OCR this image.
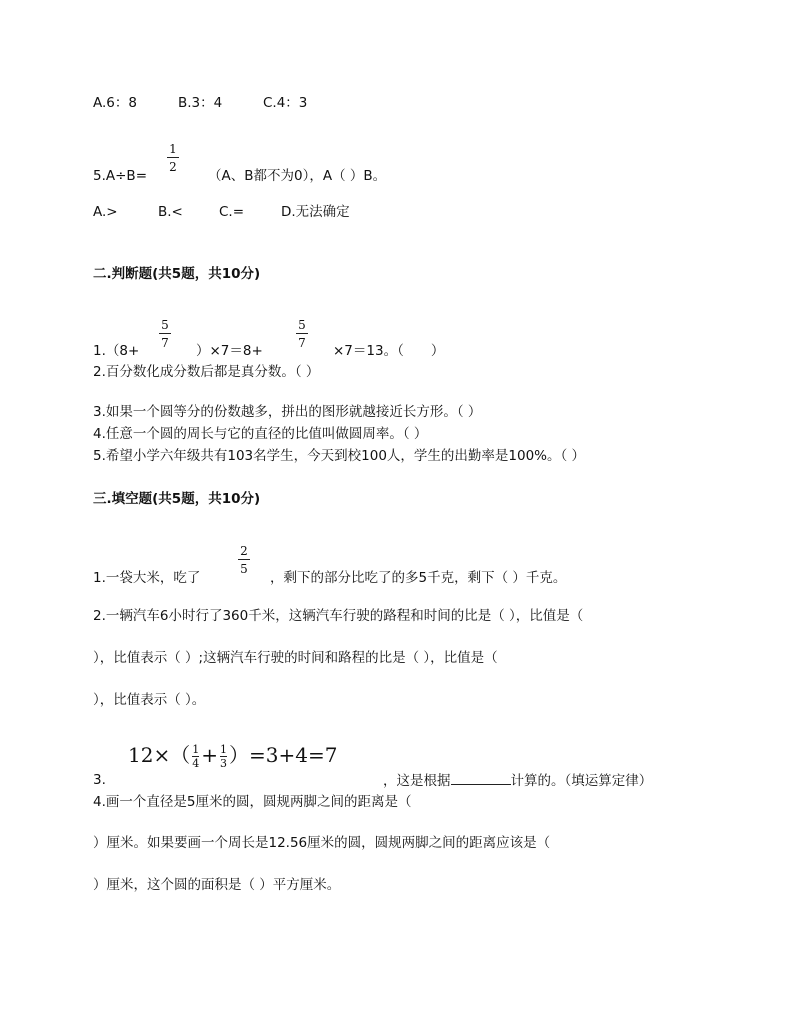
A.6：8	B.3：4	C.4：3
5.A÷B=
1
2
（A、B都不为0），A（ ）B。
A.>	B.<	C.=	D.无法确定
二.判断题(共5题，共10分)
1.（8+
5
7	）×7＝8+
5
7	×7＝13。（　　）
2.百分数化成分数后都是真分数。（ ）
3.如果一个圆等分的份数越多，拼出的图形就越接近长方形。（ ）
4.任意一个圆的周长与它的直径的比值叫做圆周率。（ ）
5.希望小学六年级共有103名学生，今天到校100人，学生的出勤率是100%。（ ）
三.填空题(共5题，共10分)
1.一袋大米，吃了
2
5
，剩下的部分比吃了的多5千克，剩下（ ）千克。
2.一辆汽车6小时行了360千米，这辆汽车行驶的路程和时间的比是（ ），比值是（
），比值表示（ ）;这辆汽车行驶的时间和路程的比是（ ），比值是（
），比值表示（ ）。
$12\times( \frac{1}{4} + \frac{1}{3} )=3+4=7$
3.	，这是根据	计算的。（填运算定律）
4.画一个直径是5厘米的圆，圆规两脚之间的距离是（
）厘米。如果要画一个周长是12.56厘米的圆，圆规两脚之间的距离应该是（
）厘米，这个圆的面积是（ ）平方厘米。
